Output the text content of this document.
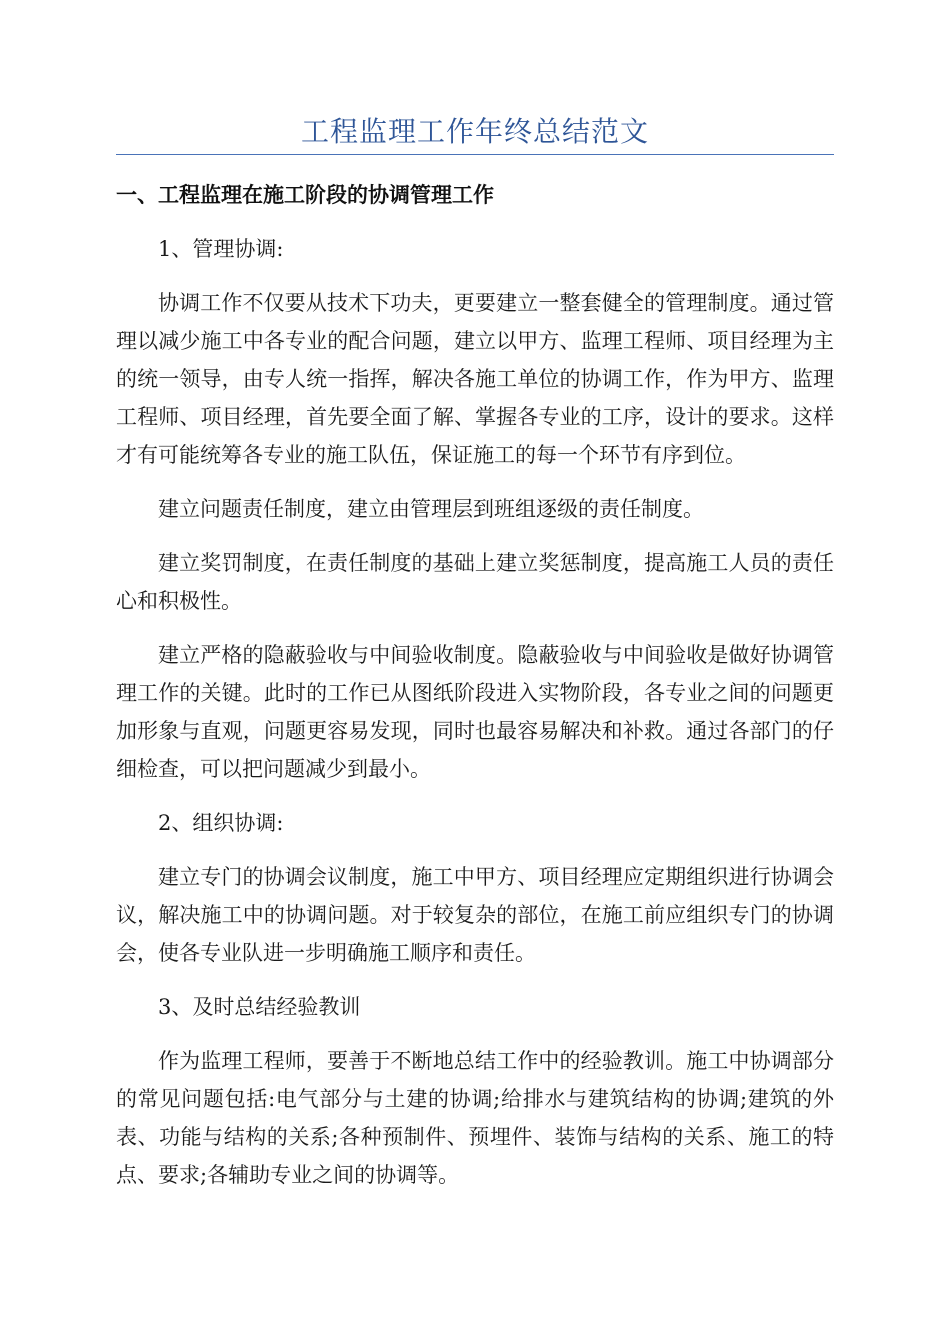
工程监理工作年终总结范文

一、工程监理在施工阶段的协调管理工作

1、管理协调:

协调工作不仅要从技术下功夫，更要建立一整套健全的管理制度。通过管理以减少施工中各专业的配合问题，建立以甲方、监理工程师、项目经理为主的统一领导，由专人统一指挥，解决各施工单位的协调工作，作为甲方、监理工程师、项目经理，首先要全面了解、掌握各专业的工序，设计的要求。这样才有可能统筹各专业的施工队伍，保证施工的每一个环节有序到位。

建立问题责任制度，建立由管理层到班组逐级的责任制度。

建立奖罚制度，在责任制度的基础上建立奖惩制度，提高施工人员的责任心和积极性。

建立严格的隐蔽验收与中间验收制度。隐蔽验收与中间验收是做好协调管理工作的关键。此时的工作已从图纸阶段进入实物阶段，各专业之间的问题更加形象与直观，问题更容易发现，同时也最容易解决和补救。通过各部门的仔细检查，可以把问题减少到最小。

2、组织协调:

建立专门的协调会议制度，施工中甲方、项目经理应定期组织进行协调会议，解决施工中的协调问题。对于较复杂的部位，在施工前应组织专门的协调会，使各专业队进一步明确施工顺序和责任。

3、及时总结经验教训

作为监理工程师，要善于不断地总结工作中的经验教训。施工中协调部分的常见问题包括:电气部分与土建的协调;给排水与建筑结构的协调;建筑的外表、功能与结构的关系;各种预制件、预埋件、装饰与结构的关系、施工的特点、要求;各辅助专业之间的协调等。
